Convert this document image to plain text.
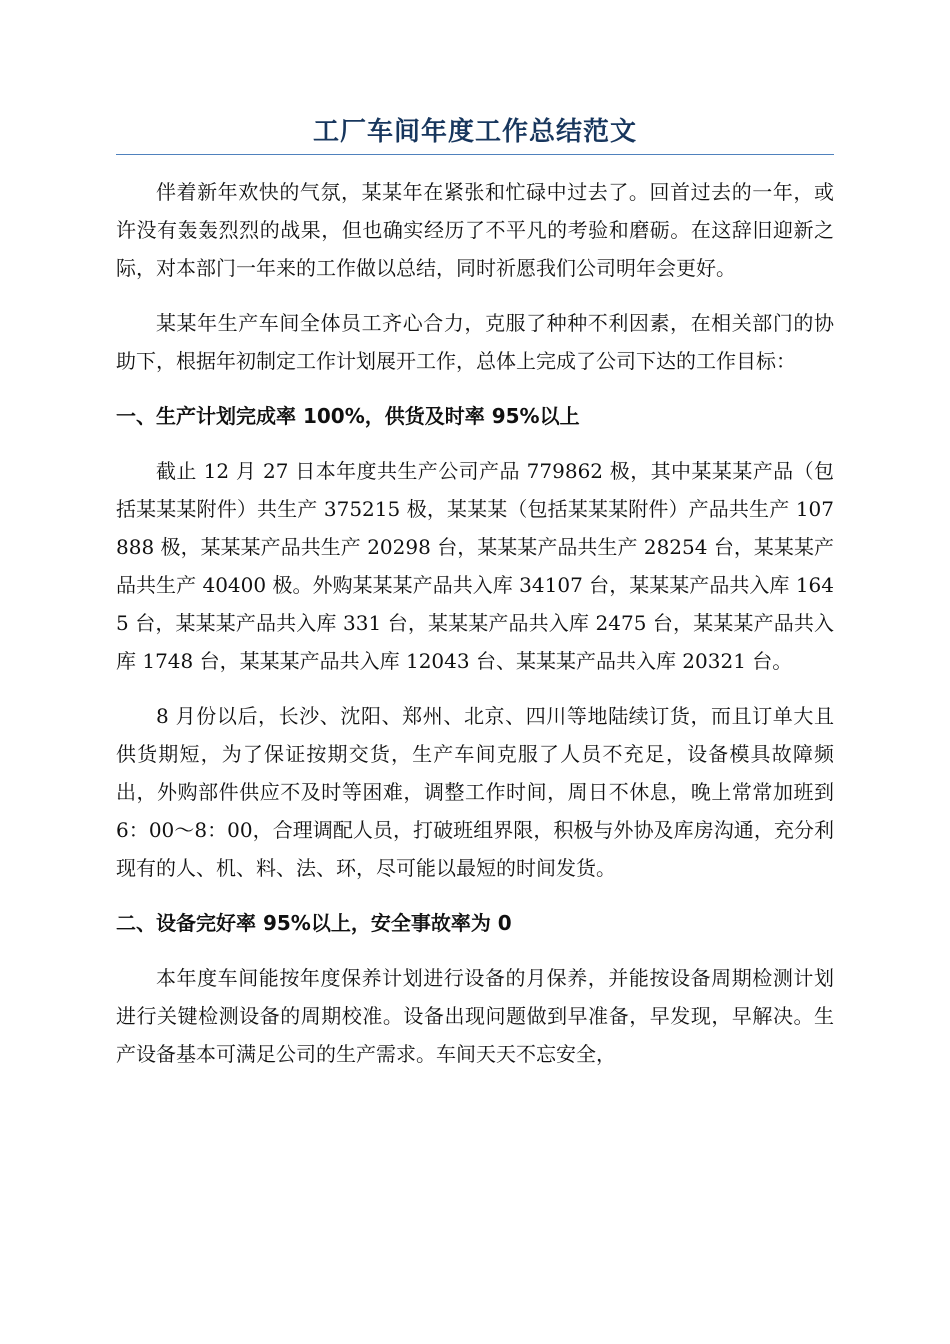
工厂车间年度工作总结范文

伴着新年欢快的气氛，某某年在紧张和忙碌中过去了。回首过去的一年，或许没有轰轰烈烈的战果，但也确实经历了不平凡的考验和磨砺。在这辞旧迎新之际，对本部门一年来的工作做以总结，同时祈愿我们公司明年会更好。

某某年生产车间全体员工齐心合力，克服了种种不利因素，在相关部门的协助下，根据年初制定工作计划展开工作，总体上完成了公司下达的工作目标：

一、生产计划完成率 100%，供货及时率 95%以上

截止 12 月 27 日本年度共生产公司产品 779862 极，其中某某某产品（包括某某某附件）共生产 375215 极，某某某（包括某某某附件）产品共生产 107888 极，某某某产品共生产 20298 台，某某某产品共生产 28254 台，某某某产品共生产 40400 极。外购某某某产品共入库 34107 台，某某某产品共入库 1645 台，某某某产品共入库 331 台，某某某产品共入库 2475 台，某某某产品共入库 1748 台，某某某产品共入库 12043 台、某某某产品共入库 20321 台。

8 月份以后，长沙、沈阳、郑州、北京、四川等地陆续订货，而且订单大且供货期短，为了保证按期交货，生产车间克服了人员不充足，设备模具故障频出，外购部件供应不及时等困难，调整工作时间，周日不休息，晚上常常加班到 6：00～8：00，合理调配人员，打破班组界限，积极与外协及库房沟通，充分利现有的人、机、料、法、环，尽可能以最短的时间发货。

二、设备完好率 95%以上，安全事故率为 0

本年度车间能按年度保养计划进行设备的月保养，并能按设备周期检测计划进行关键检测设备的周期校准。设备出现问题做到早准备，早发现，早解决。生产设备基本可满足公司的生产需求。车间天天不忘安全，
